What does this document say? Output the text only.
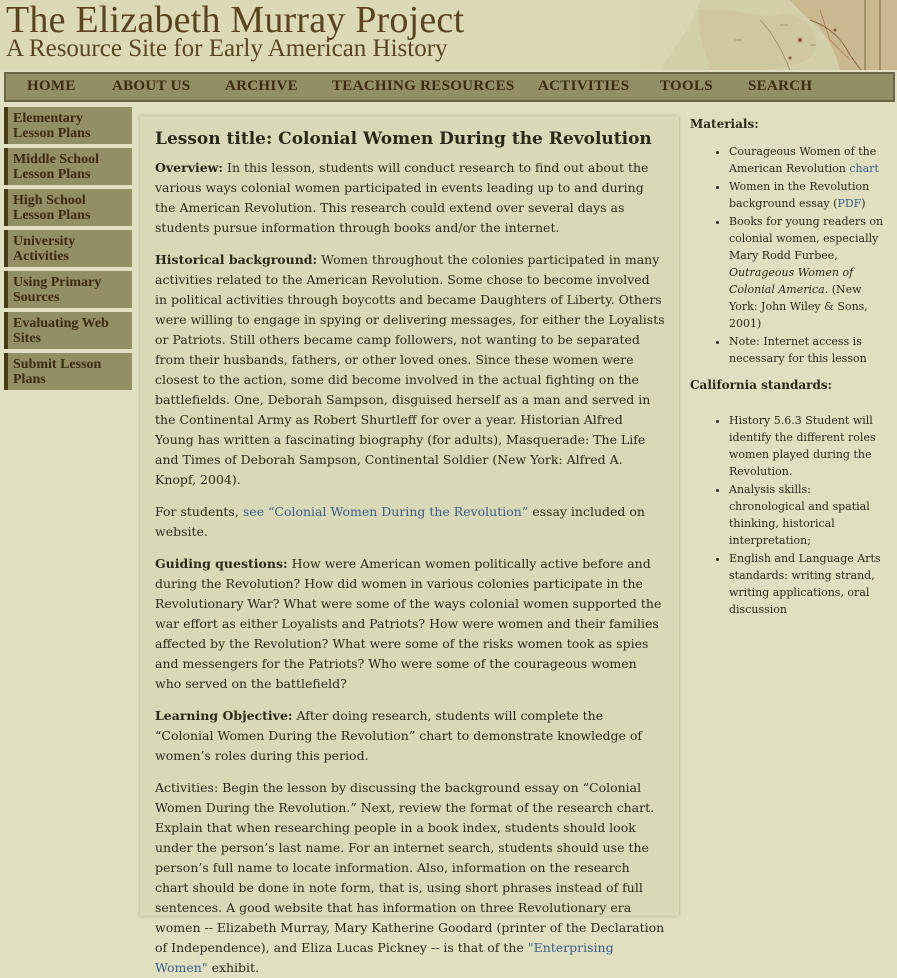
The Elizabeth Murray Project
A Resource Site for Early American History
HOME ABOUT US ARCHIVE TEACHING RESOURCES ACTIVITIES TOOLS SEARCH
Elementary
Lesson Plans
Middle School
Lesson Plans
High School
Lesson Plans
University
Activities
Using Primary
Sources
Evaluating Web
Sites
Submit Lesson
Plans
Lesson title: Colonial Women During the Revolution

Overview: In this lesson, students will conduct research to find out about the various ways colonial women participated in events leading up to and during the American Revolution. This research could extend over several days as students pursue information through books and/or the internet.

Historical background: Women throughout the colonies participated in many activities related to the American Revolution. Some chose to become involved in political activities through boycotts and became Daughters of Liberty. Others were willing to engage in spying or delivering messages, for either the Loyalists or Patriots. Still others became camp followers, not wanting to be separated from their husbands, fathers, or other loved ones. Since these women were closest to the action, some did become involved in the actual fighting on the battlefields. One, Deborah Sampson, disguised herself as a man and served in the Continental Army as Robert Shurtleff for over a year. Historian Alfred Young has written a fascinating biography (for adults), Masquerade: The Life and Times of Deborah Sampson, Continental Soldier (New York: Alfred A. Knopf, 2004).

For students, see “Colonial Women During the Revolution” essay included on website.

Guiding questions: How were American women politically active before and during the Revolution? How did women in various colonies participate in the Revolutionary War? What were some of the ways colonial women supported the war effort as either Loyalists and Patriots? How were women and their families affected by the Revolution? What were some of the risks women took as spies and messengers for the Patriots? Who were some of the courageous women who served on the battlefield?

Learning Objective: After doing research, students will complete the “Colonial Women During the Revolution” chart to demonstrate knowledge of women’s roles during this period.

Activities: Begin the lesson by discussing the background essay on “Colonial Women During the Revolution.” Next, review the format of the research chart. Explain that when researching people in a book index, students should look under the person’s last name. For an internet search, students should use the person’s full name to locate information. Also, information on the research chart should be done in note form, that is, using short phrases instead of full sentences. A good website that has information on three Revolutionary era women -- Elizabeth Murray, Mary Katherine Goodard (printer of the Declaration of Independence), and Eliza Lucas Pickney -- is that of the "Enterprising Women" exhibit.

Materials:
• Courageous Women of the American Revolution chart
• Women in the Revolution background essay (PDF)
• Books for young readers on colonial women, especially Mary Rodd Furbee, Outrageous Women of Colonial America. (New York: John Wiley & Sons, 2001)
• Note: Internet access is necessary for this lesson
California standards:
• History 5.6.3 Student will identify the different roles women played during the Revolution.
• Analysis skills: chronological and spatial thinking, historical interpretation;
• English and Language Arts standards: writing strand, writing applications, oral discussion
